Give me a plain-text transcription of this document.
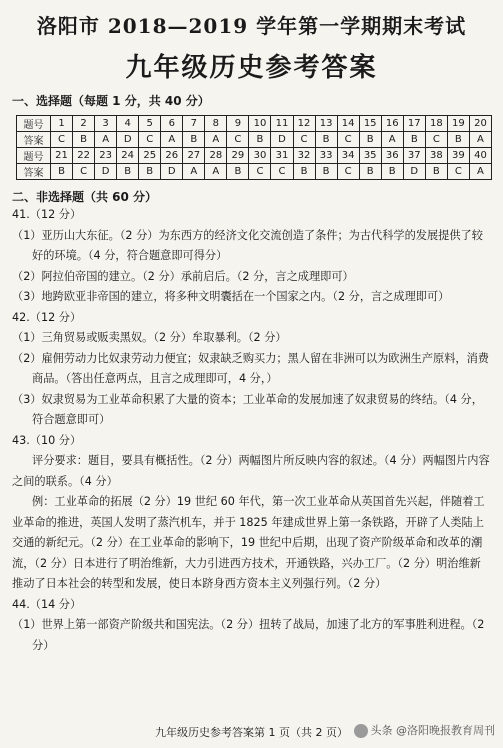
洛阳市 2018—2019 学年第一学期期末考试
九年级历史参考答案
一、选择题（每题 1 分，共 40 分）
题号	1	2	3	4	5	6	7	8	9	10	11	12	13	14	15	16	17	18	19	20
答案	C	B	A	D	C	A	B	A	C	B	D	C	B	C	B	A	B	C	B	A
题号	21	22	23	24	25	26	27	28	29	30	31	32	33	34	35	36	37	38	39	40
答案	B	C	D	B	B	D	A	A	B	C	C	B	B	C	B	B	D	B	C	A
二、非选择题（共 60 分）
41.（12 分）
（1）亚历山大东征。（2 分）为东西方的经济文化交流创造了条件；为古代科学的发展提供了较好的环境。（4 分，符合题意即可得分）
（2）阿拉伯帝国的建立。（2 分）承前启后。（2 分，言之成理即可）
（3）地跨欧亚非帝国的建立，将多种文明囊括在一个国家之内。（2 分，言之成理即可）
42.（12 分）
（1）三角贸易或贩卖黑奴。（2 分）牟取暴利。（2 分）
（2）雇佣劳动力比奴隶劳动力便宜；奴隶缺乏购买力；黑人留在非洲可以为欧洲生产原料，消费商品。（答出任意两点，且言之成理即可，4 分，）
（3）奴隶贸易为工业革命积累了大量的资本；工业革命的发展加速了奴隶贸易的终结。（4 分，符合题意即可）
43.（10 分）
评分要求：题目，要具有概括性。（2 分）两幅图片所反映内容的叙述。（4 分）两幅图片内容之间的联系。（4 分）
例：工业革命的拓展（2 分）19 世纪 60 年代，第一次工业革命从英国首先兴起，伴随着工业革命的推进，英国人发明了蒸汽机车，并于 1825 年建成世界上第一条铁路，开辟了人类陆上交通的新纪元。（2 分）在工业革命的影响下，19 世纪中后期，出现了资产阶级革命和改革的潮流，（2 分）日本进行了明治维新，大力引进西方技术，开通铁路，兴办工厂。（2 分）明治维新推动了日本社会的转型和发展，使日本跻身西方资本主义列强行列。（2 分）
44.（14 分）
（1）世界上第一部资产阶级共和国宪法。（2 分）扭转了战局，加速了北方的军事胜利进程。（2 分）
九年级历史参考答案第 1 页（共 2 页）	头条 @洛阳晚报教育周刊
